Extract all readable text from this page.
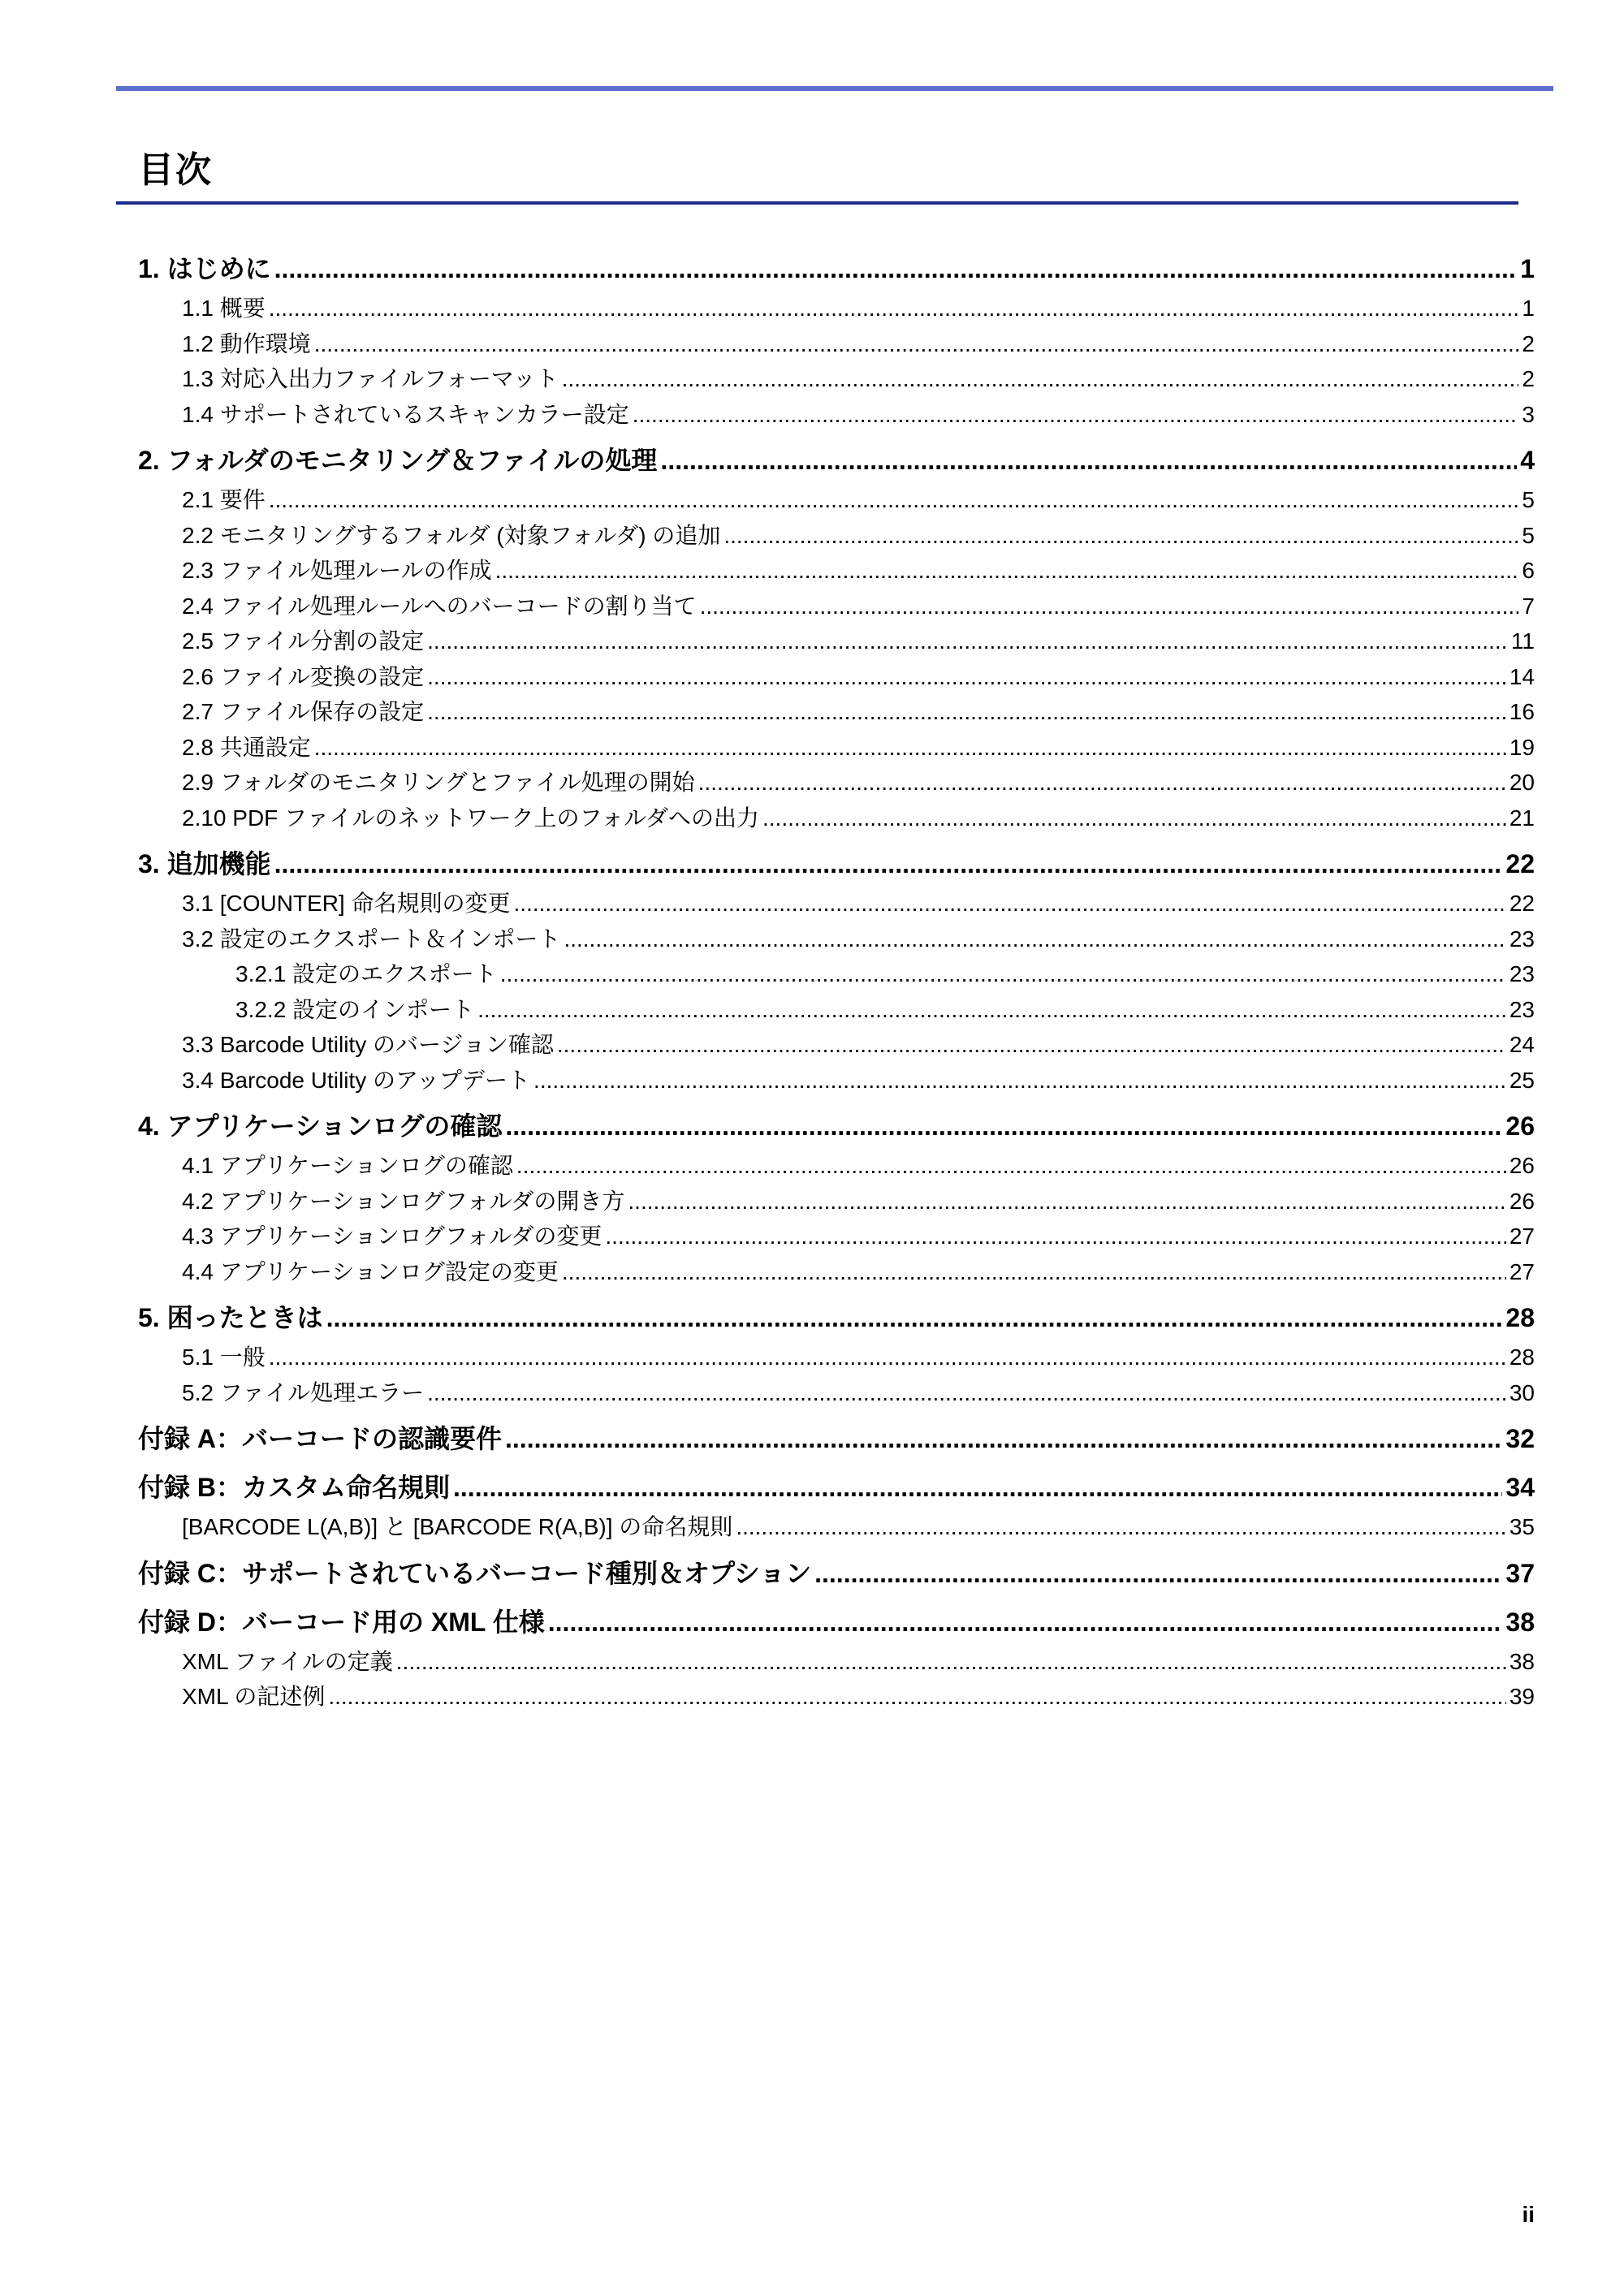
目次
1. はじめに .....	1
1.1 概要 .....	1
1.2 動作環境 .....	2
1.3 対応入出力ファイルフォーマット .....	2
1.4 サポートされているスキャンカラー設定 .....	3
2. フォルダのモニタリング＆ファイルの処理 .....	4
2.1 要件 .....	5
2.2 モニタリングするフォルダ (対象フォルダ) の追加 .....	5
2.3 ファイル処理ルールの作成 .....	6
2.4 ファイル処理ルールへのバーコードの割り当て .....	7
2.5 ファイル分割の設定 .....	11
2.6 ファイル変換の設定 .....	14
2.7 ファイル保存の設定 .....	16
2.8 共通設定 .....	19
2.9 フォルダのモニタリングとファイル処理の開始 .....	20
2.10 PDF ファイルのネットワーク上のフォルダへの出力 .....	21
3. 追加機能 .....	22
3.1 [COUNTER] 命名規則の変更 .....	22
3.2 設定のエクスポート＆インポート .....	23
3.2.1 設定のエクスポート .....	23
3.2.2 設定のインポート .....	23
3.3 Barcode Utility のバージョン確認 .....	24
3.4 Barcode Utility のアップデート .....	25
4. アプリケーションログの確認 .....	26
4.1 アプリケーションログの確認 .....	26
4.2 アプリケーションログフォルダの開き方 .....	26
4.3 アプリケーションログフォルダの変更 .....	27
4.4 アプリケーションログ設定の変更 .....	27
5. 困ったときは .....	28
5.1 一般 .....	28
5.2 ファイル処理エラー .....	30
付録 A：バーコードの認識要件 .....	32
付録 B：カスタム命名規則 .....	34
[BARCODE L(A,B)] と [BARCODE R(A,B)] の命名規則 .....	35
付録 C：サポートされているバーコード種別＆オプション .....	37
付録 D：バーコード用の XML 仕様 .....	38
XML ファイルの定義 .....	38
XML の記述例 .....	39
ii
